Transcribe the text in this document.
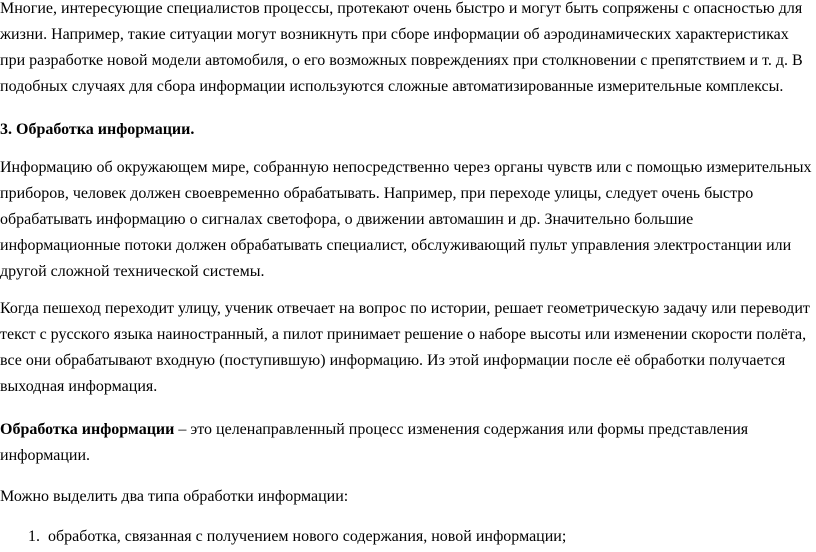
Многие, интересующие специалистов процессы, протекают очень быстро и могут быть сопряжены с опасностью для жизни. Например, такие ситуации могут возникнуть при сборе информации об аэродинамических характеристиках при разработке новой модели автомобиля, о его возможных повреждениях при столкновении с препятствием и т. д. В подобных случаях для сбора информации используются сложные автоматизированные измерительные комплексы.

3. Обработка информации.

Информацию об окружающем мире, собранную непосредственно через органы чувств или с помощью измерительных приборов, человек должен своевременно обрабатывать. Например, при переходе улицы, следует очень быстро обрабатывать информацию о сигналах светофора, о движении автомашин и др. Значительно большие информационные потоки должен обрабатывать специалист, обслуживающий пульт управления электростанции или другой сложной технической системы.

Когда пешеход переходит улицу, ученик отвечает на вопрос по истории, решает геометрическую задачу или переводит текст с русского языка наиностранный, а пилот принимает решение о наборе высоты или изменении скорости полёта, все они обрабатывают входную (поступившую) информацию. Из этой информации после её обработки получается выходная информация.

Обработка информации – это целенаправленный процесс изменения содержания или формы представления информации.

Можно выделить два типа обработки информации:

1. обработка, связанная с получением нового содержания, новой информации;
